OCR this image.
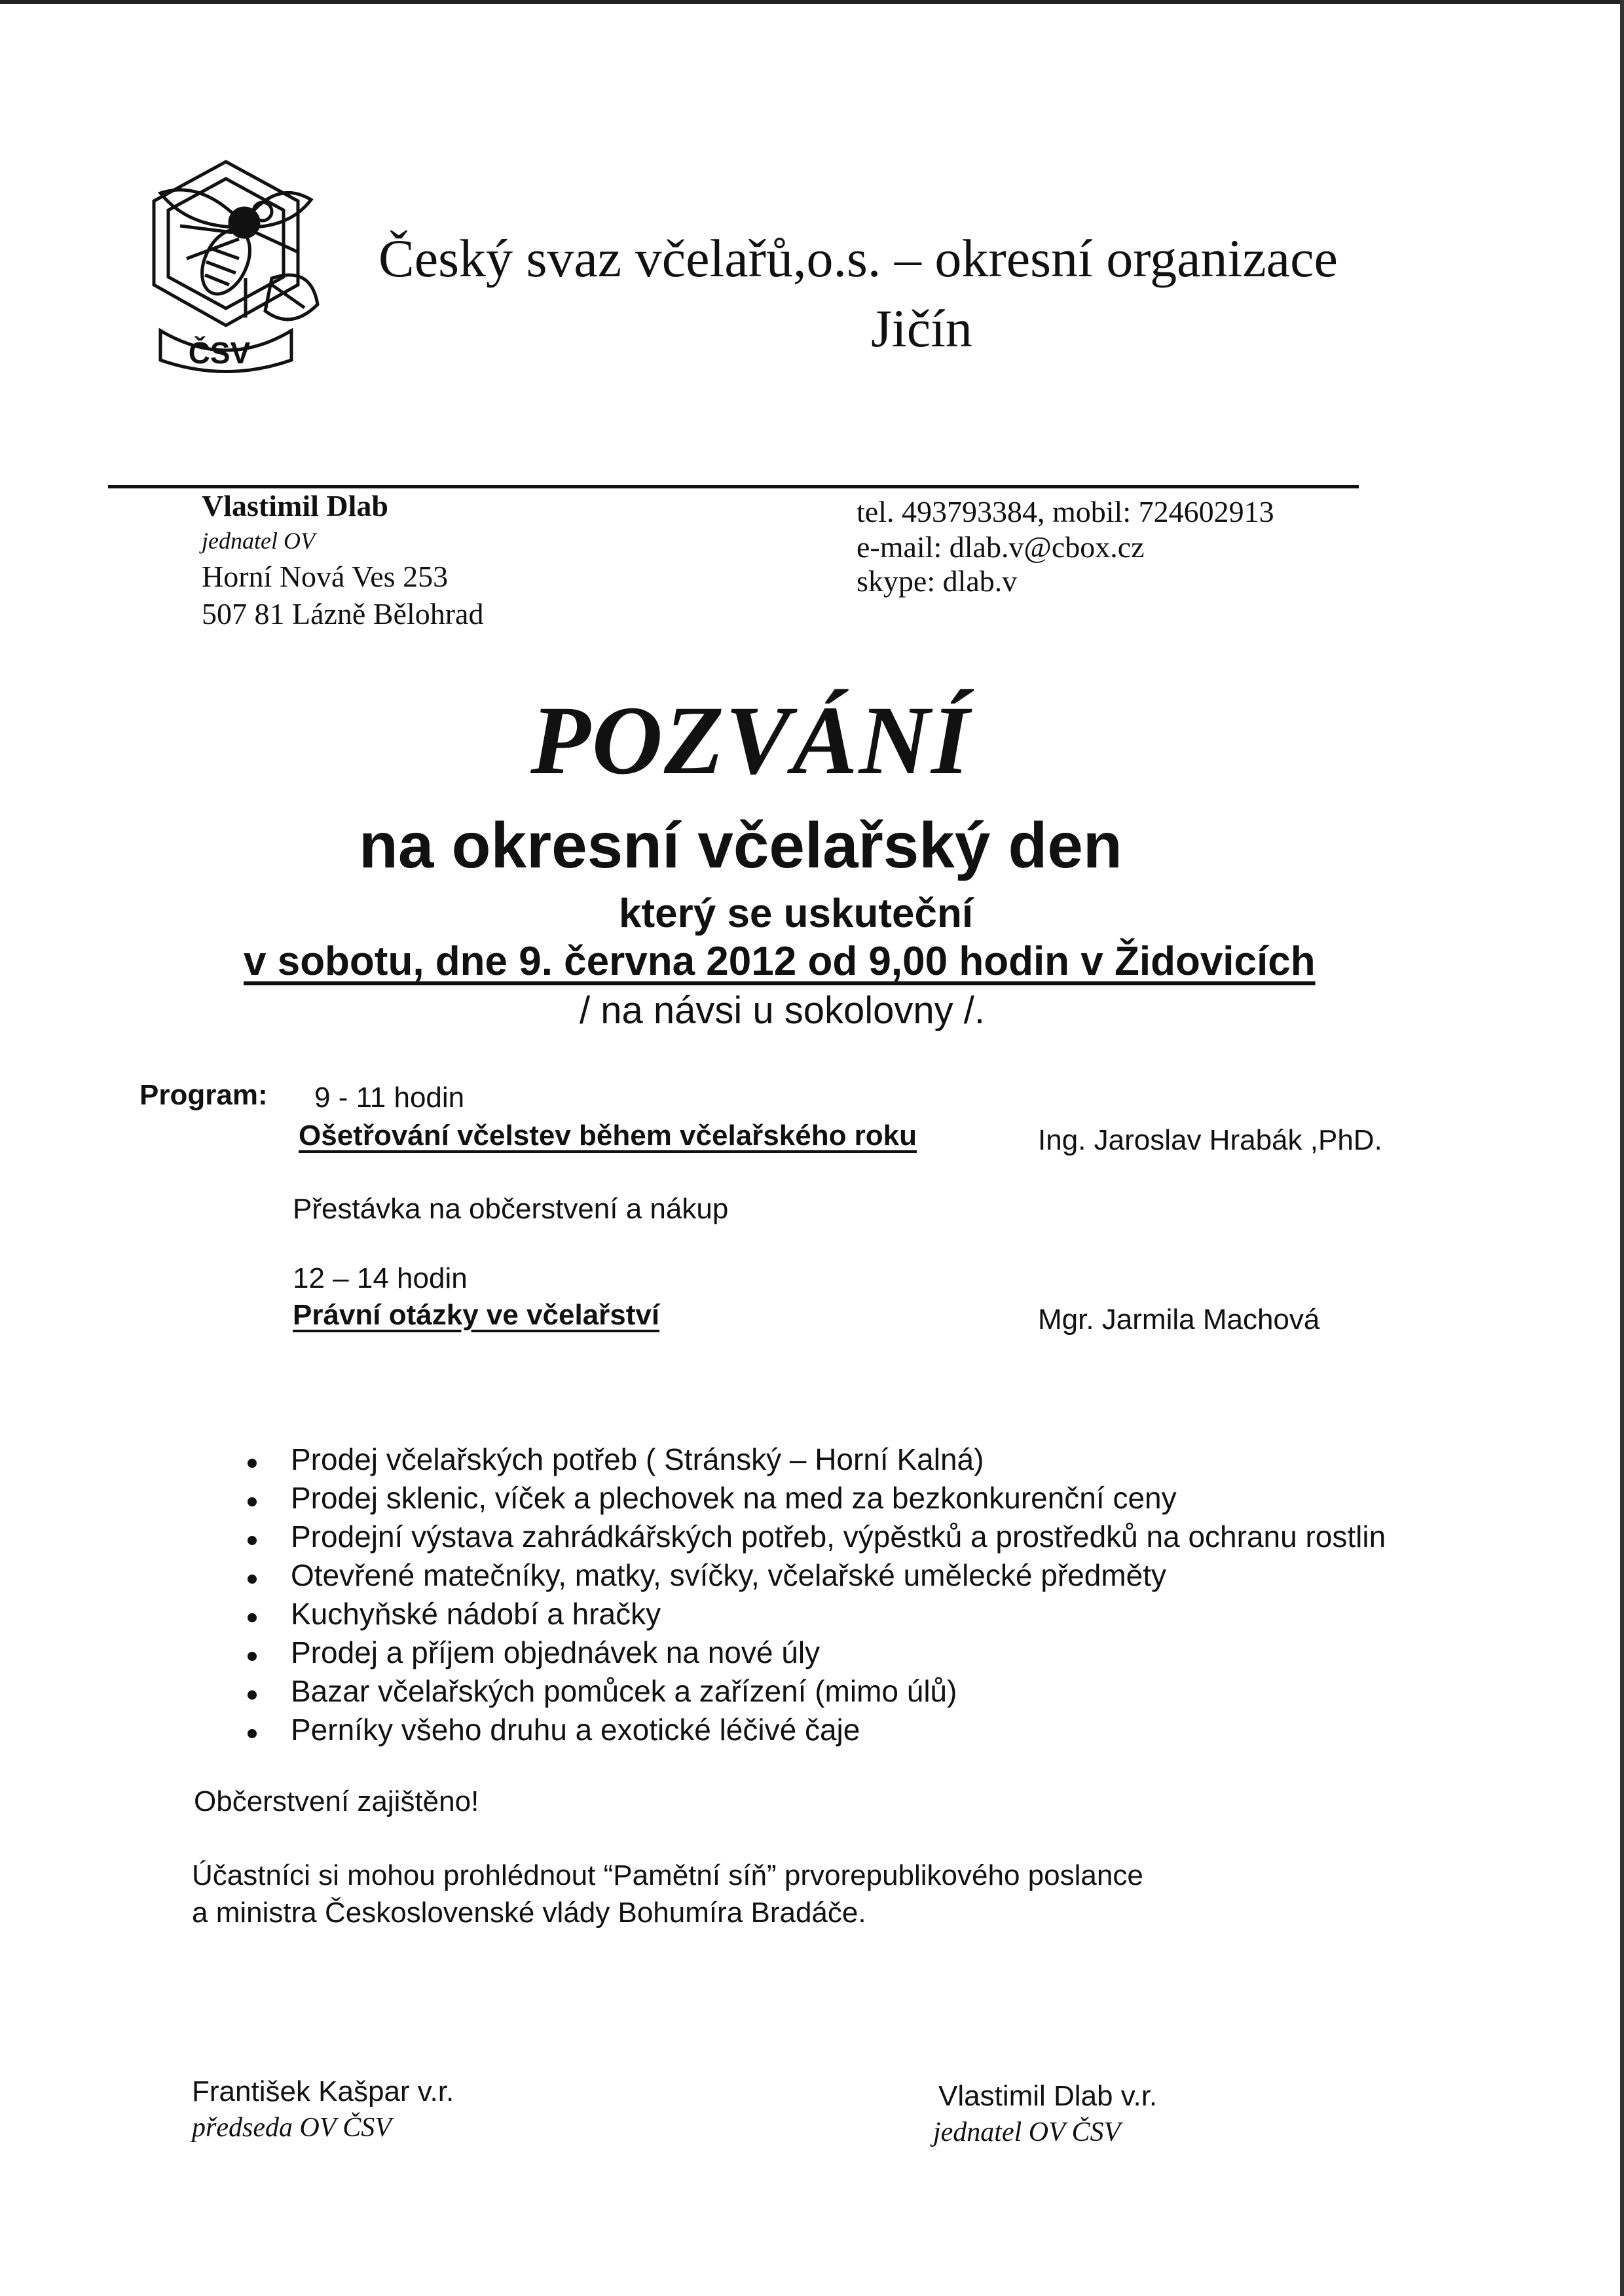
ČSV
Český svaz včelařů,o.s. – okresní organizace
Jičín
Vlastimil Dlab
jednatel OV
Horní Nová Ves 253
507 81 Lázně Bělohrad
tel. 493793384, mobil: 724602913
e-mail: dlab.v@cbox.cz
skype: dlab.v
POZVÁNÍ
na okresní včelařský den
který se uskuteční
v sobotu, dne 9. června 2012 od 9,00 hodin v Židovicích
/ na návsi u sokolovny /.
Program: 9 - 11 hodin
Ošetřování včelstev během včelařského roku	Ing. Jaroslav Hrabák ,PhD.
Přestávka na občerstvení a nákup
12 – 14 hodin
Právní otázky ve včelařství	Mgr. Jarmila Machová
Prodej včelařských potřeb ( Stránský – Horní Kalná)
Prodej sklenic, víček a plechovek na med za bezkonkurenční ceny
Prodejní výstava zahrádkářských potřeb, výpěstků a prostředků na ochranu rostlin
Otevřené matečníky, matky, svíčky, včelařské umělecké předměty
Kuchyňské nádobí a hračky
Prodej a příjem objednávek na nové úly
Bazar včelařských pomůcek a zařízení (mimo úlů)
Perníky všeho druhu a exotické léčivé čaje
Občerstvení zajištěno!
Účastníci si mohou prohlédnout “Pamětní síň” prvorepublikového poslance
a ministra Československé vlády Bohumíra Bradáče.
František Kašpar v.r.
předseda OV ČSV
Vlastimil Dlab v.r.
jednatel OV ČSV
